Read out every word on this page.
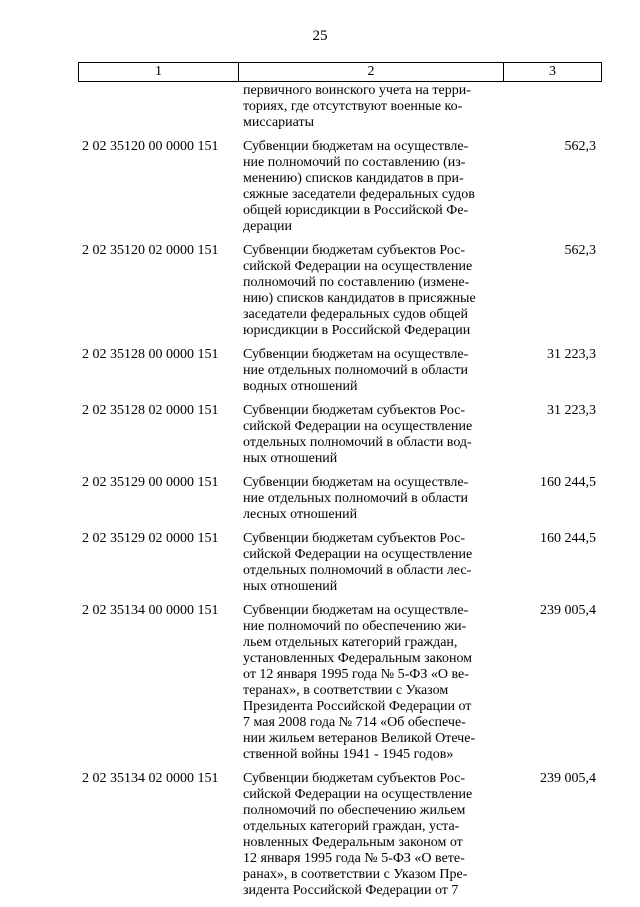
25
1	2	3
первичного воинского учета на терри-
ториях, где отсутствуют военные ко-
миссариаты
2 02 35120 00 0000 151	Субвенции бюджетам на осуществле-
ние полномочий по составлению (из-
менению) списков кандидатов в при-
сяжные заседатели федеральных судов
общей юрисдикции в Российской Фе-
дерации
562,3
2 02 35120 02 0000 151	Субвенции бюджетам субъектов Рос-
сийской Федерации на осуществление
полномочий по составлению (измене-
нию) списков кандидатов в присяжные
заседатели федеральных судов общей
юрисдикции в Российской Федерации
562,3
2 02 35128 00 0000 151	Субвенции бюджетам на осуществле-
ние отдельных полномочий в области
водных отношений
31 223,3
2 02 35128 02 0000 151	Субвенции бюджетам субъектов Рос-
сийской Федерации на осуществление
отдельных полномочий в области вод-
ных отношений
31 223,3
2 02 35129 00 0000 151	Субвенции бюджетам на осуществле-
ние отдельных полномочий в области
лесных отношений
160 244,5
2 02 35129 02 0000 151	Субвенции бюджетам субъектов Рос-
сийской Федерации на осуществление
отдельных полномочий в области лес-
ных отношений
160 244,5
2 02 35134 00 0000 151	Субвенции бюджетам на осуществле-
ние полномочий по обеспечению жи-
льем отдельных категорий граждан,
установленных Федеральным законом
от 12 января 1995 года № 5-ФЗ «О ве-
теранах», в соответствии с Указом
Президента Российской Федерации от
7 мая 2008 года № 714 «Об обеспече-
нии жильем ветеранов Великой Отече-
ственной войны 1941 - 1945 годов»
239 005,4
2 02 35134 02 0000 151	Субвенции бюджетам субъектов Рос-
сийской Федерации на осуществление
полномочий по обеспечению жильем
отдельных категорий граждан, уста-
новленных Федеральным законом от
12 января 1995 года № 5-ФЗ «О вете-
ранах», в соответствии с Указом Пре-
зидента Российской Федерации от 7
239 005,4
